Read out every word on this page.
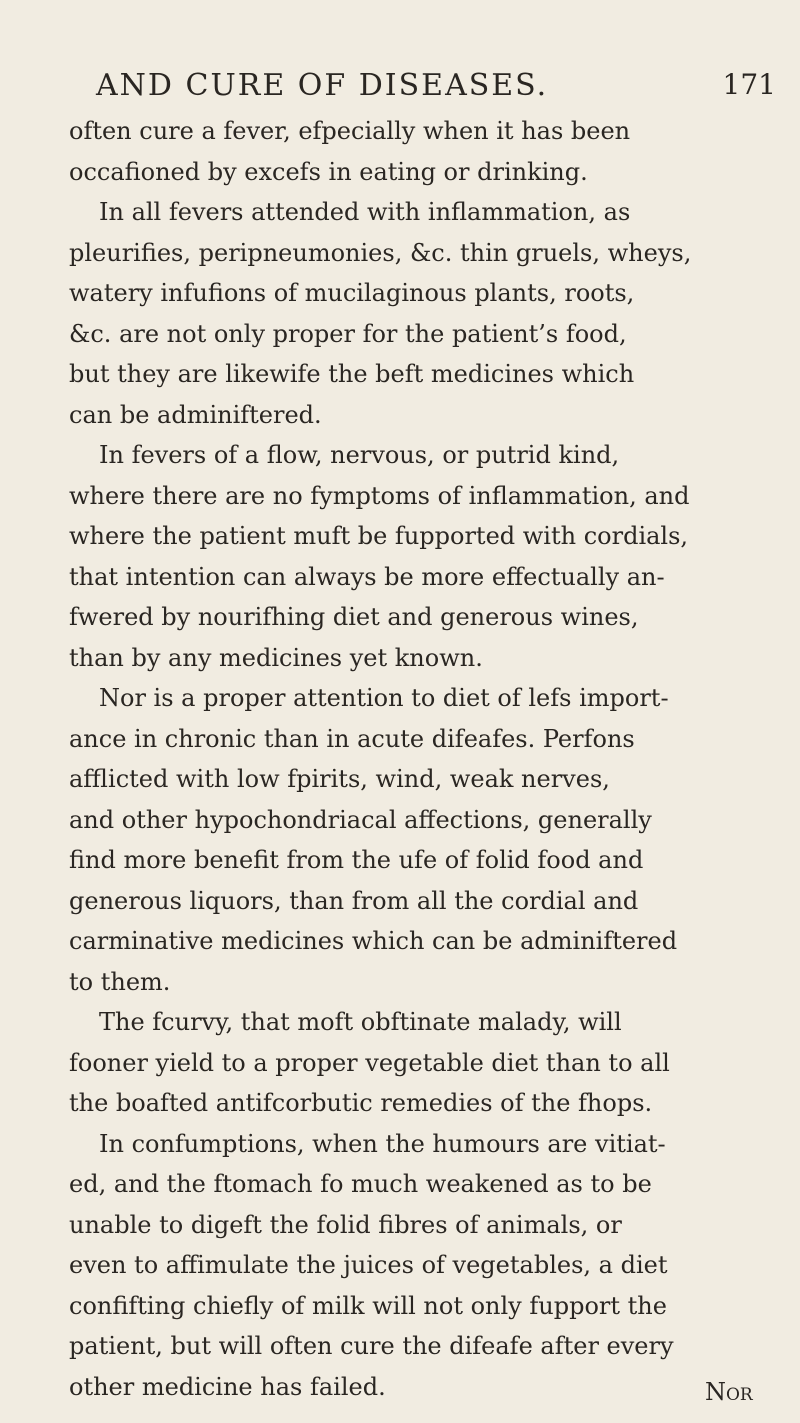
AND CURE OF DISEASES.	171
often cure a fever, efpecially when it has been
occafioned by excefs in eating or drinking.
In all fevers attended with inflammation, as
pleurifies, peripneumonies, &c. thin gruels, wheys,
watery infufions of mucilaginous plants, roots,
&c. are not only proper for the patient’s food,
but they are likewife the beft medicines which
can be adminiftered.
In fevers of a flow, nervous, or putrid kind,
where there are no fymptoms of inflammation, and
where the patient muft be fupported with cordials,
that intention can always be more effectually an-
fwered by nourifhing diet and generous wines,
than by any medicines yet known.
Nor is a proper attention to diet of lefs import-
ance in chronic than in acute difeafes. Perfons
afflicted with low fpirits, wind, weak nerves,
and other hypochondriacal affections, generally
find more benefit from the ufe of folid food and
generous liquors, than from all the cordial and
carminative medicines which can be adminiftered
to them.
The fcurvy, that moft obftinate malady, will
fooner yield to a proper vegetable diet than to all
the boafted antifcorbutic remedies of the fhops.
In confumptions, when the humours are vitiat-
ed, and the ftomach fo much weakened as to be
unable to digeft the folid fibres of animals, or
even to affimulate the juices of vegetables, a diet
confifting chiefly of milk will not only fupport the
patient, but will often cure the difeafe after every
other medicine has failed.	Nor
